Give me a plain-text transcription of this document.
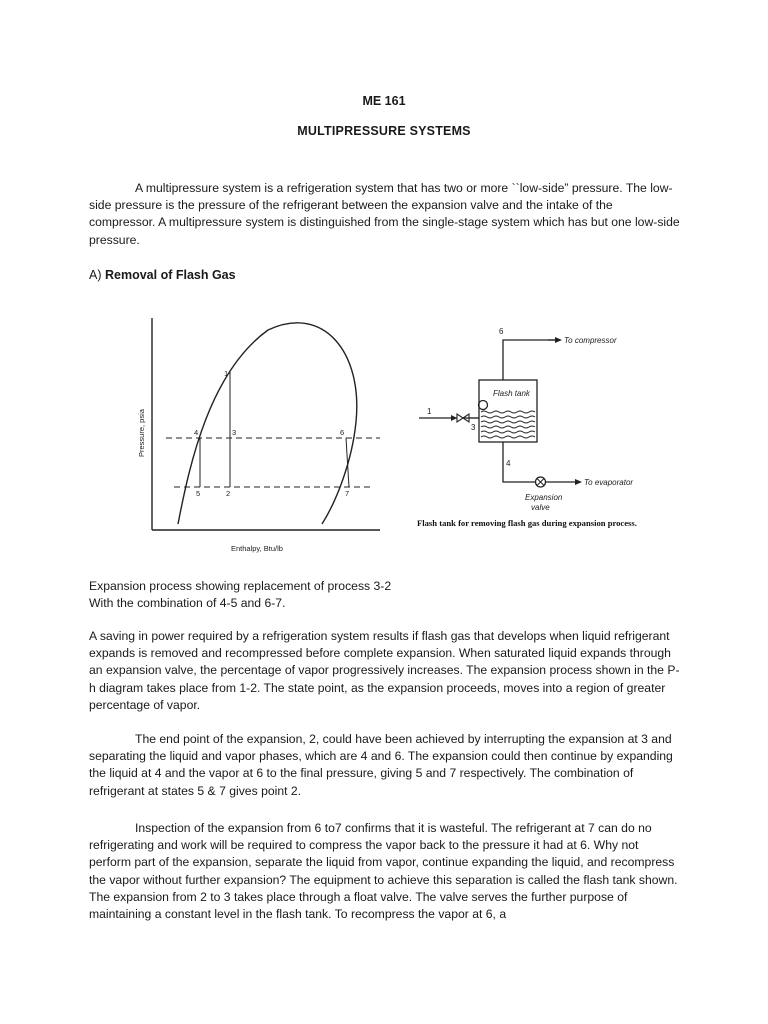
ME 161
MULTIPRESSURE SYSTEMS

A multipressure system is a refrigeration system that has two or more ``low-side” pressure. The low-side pressure is the pressure of the refrigerant between the expansion valve and the intake of the compressor. A multipressure system is distinguished from the single-stage system which has but one low-side pressure.

A) Removal of Flash Gas
1
3
4	6
5	2	7
Enthalpy, Btu/lb
Pressure, psia
6
1
3
4
To compressor
Flash tank
To evaporator
Expansion
valve
Flash tank for removing flash gas during expansion process.
Expansion process showing replacement of process 3-2
With the combination of 4-5 and 6-7.

A saving in power required by a refrigeration system results if flash gas that develops when liquid refrigerant expands is removed and recompressed before complete expansion. When saturated liquid expands through an expansion valve, the percentage of vapor progressively increases. The expansion process shown in the P-h diagram takes place from 1-2. The state point, as the expansion proceeds, moves into a region of greater percentage of vapor.

The end point of the expansion, 2, could have been achieved by interrupting the expansion at 3 and separating the liquid and vapor phases, which are 4 and 6. The expansion could then continue by expanding the liquid at 4 and the vapor at 6 to the final pressure, giving 5 and 7 respectively. The combination of refrigerant at states 5 & 7 gives point 2.

Inspection of the expansion from 6 to7 confirms that it is wasteful. The refrigerant at 7 can do no refrigerating and work will be required to compress the vapor back to the pressure it had at 6. Why not perform part of the expansion, separate the liquid from vapor, continue expanding the liquid, and recompress the vapor without further expansion? The equipment to achieve this separation is called the flash tank shown. The expansion from 2 to 3 takes place through a float valve. The valve serves the further purpose of maintaining a constant level in the flash tank. To recompress the vapor at 6, a
